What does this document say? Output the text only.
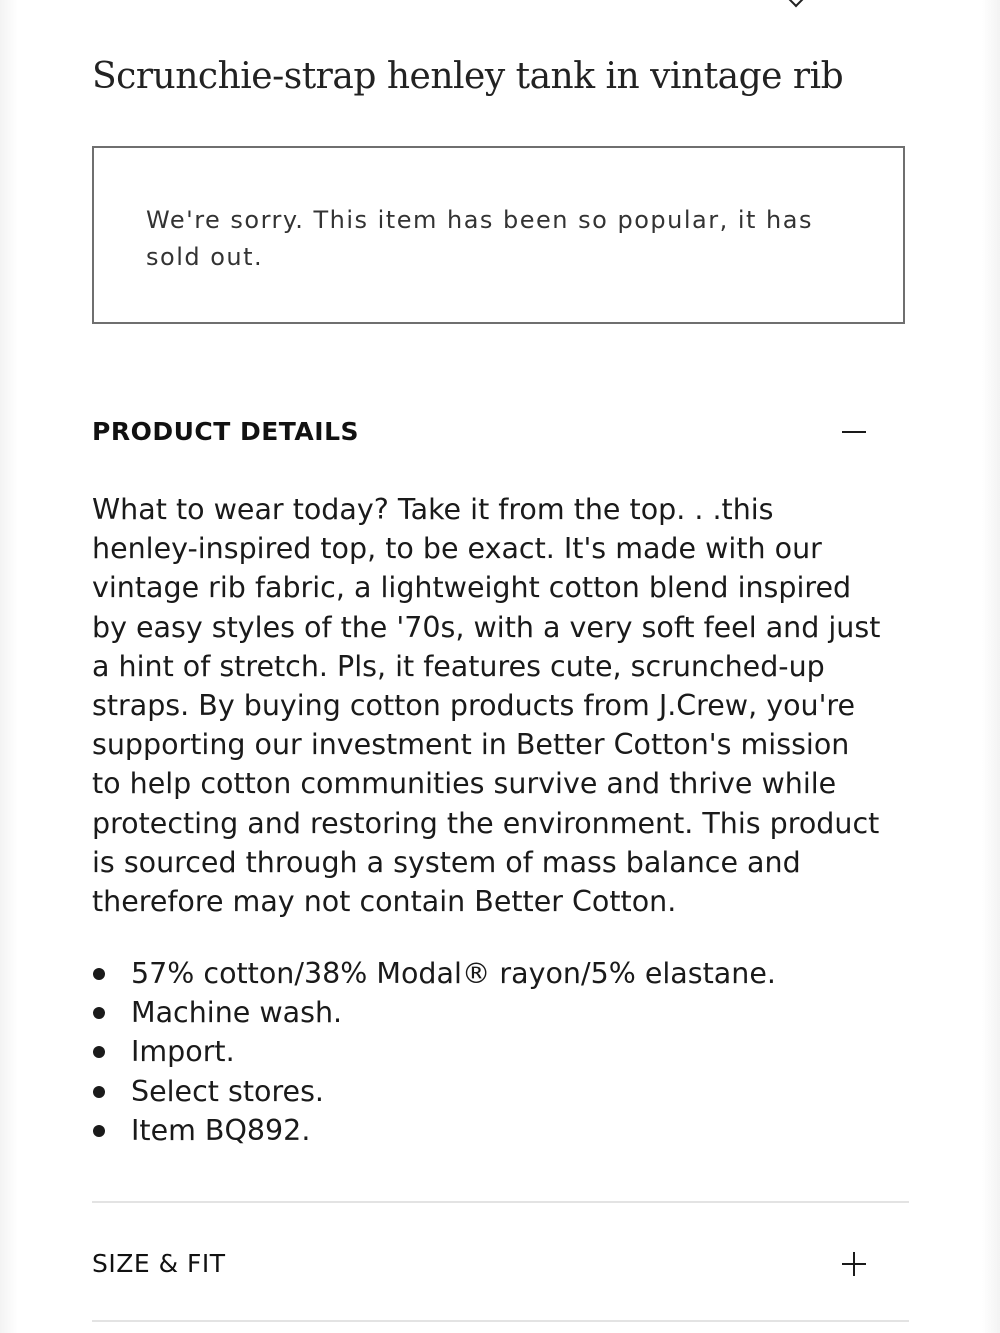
Scrunchie-strap henley tank in vintage rib
We're sorry. This item has been so popular, it has sold out.
PRODUCT DETAILS

What to wear today? Take it from the top. . .this henley-inspired top, to be exact. It's made with our vintage rib fabric, a lightweight cotton blend inspired by easy styles of the '70s, with a very soft feel and just a hint of stretch. Pls, it features cute, scrunched-up straps. By buying cotton products from J.Crew, you're supporting our investment in Better Cotton's mission to help cotton communities survive and thrive while protecting and restoring the environment. This product is sourced through a system of mass balance and therefore may not contain Better Cotton.

57% cotton/38% Modal® rayon/5% elastane.
Machine wash.
Import.
Select stores.
Item BQ892.
SIZE & FIT
